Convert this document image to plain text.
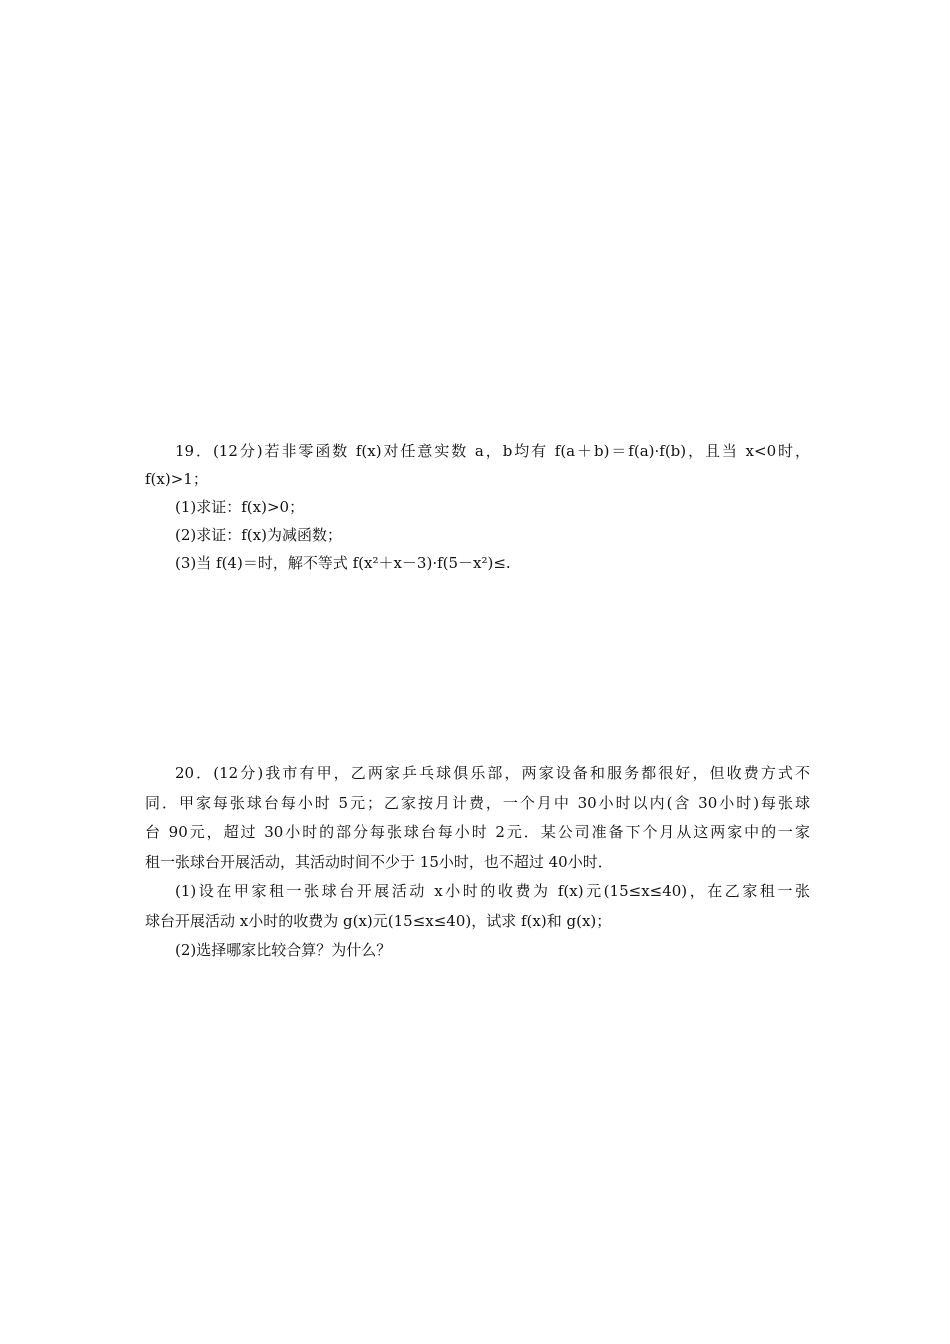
19．(12分)若非零函数 f(x)对任意实数 a，b均有 f(a＋b)＝f(a)·f(b)，且当 x<0时，
f(x)>1；
(1)求证：f(x)>0；
(2)求证：f(x)为减函数；
(3)当 f(4)＝时，解不等式 f(x²＋x－3)·f(5－x²)≤.
20．(12分)我市有甲，乙两家乒乓球俱乐部，两家设备和服务都很好，但收费方式不
同．甲家每张球台每小时 5元；乙家按月计费，一个月中 30小时以内(含 30小时)每张球
台 90元，超过 30小时的部分每张球台每小时 2元．某公司准备下个月从这两家中的一家
租一张球台开展活动，其活动时间不少于 15小时，也不超过 40小时．
(1)设在甲家租一张球台开展活动 x小时的收费为 f(x)元(15≤x≤40)，在乙家租一张
球台开展活动 x小时的收费为 g(x)元(15≤x≤40)，试求 f(x)和 g(x)；
(2)选择哪家比较合算？为什么？
